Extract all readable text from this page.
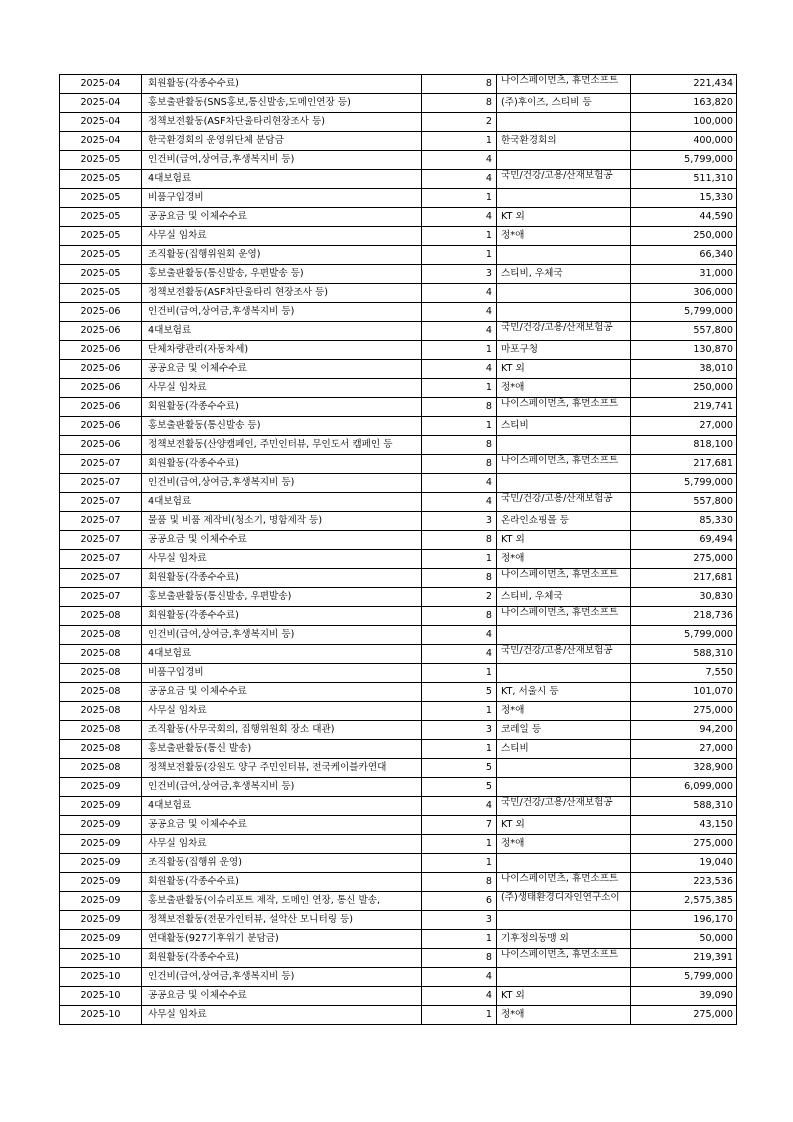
2025-04	회원활동(각종수수료)	8	나이스페이먼츠, 휴먼소프트	221,434
2025-04	홍보출판활동(SNS홍보,통신발송,도메인연장 등)	8	(주)후이즈, 스티비 등	163,820
2025-04	정책보전활동(ASF차단울타리현장조사 등)	2		100,000
2025-04	한국환경회의 운영위단체 분담금	1	한국환경회의	400,000
2025-05	인건비(급여,상여금,후생복지비 등)	4		5,799,000
2025-05	4대보험료	4	국민/건강/고용/산재보험공	511,310
2025-05	비품구입경비	1		15,330
2025-05	공공요금 및 이체수수료	4	KT 외	44,590
2025-05	사무실 임차료	1	정*애	250,000
2025-05	조직활동(집행위원회 운영)	1		66,340
2025-05	홍보출판활동(통신발송, 우편발송 등)	3	스티비, 우체국	31,000
2025-05	정책보전활동(ASF차단울타리 현장조사 등)	4		306,000
2025-06	인건비(급여,상여금,후생복지비 등)	4		5,799,000
2025-06	4대보험료	4	국민/건강/고용/산재보험공	557,800
2025-06	단체차량관리(자동차세)	1	마포구청	130,870
2025-06	공공요금 및 이체수수료	4	KT 외	38,010
2025-06	사무실 임차료	1	정*애	250,000
2025-06	회원활동(각종수수료)	8	나이스페이먼츠, 휴먼소프트	219,741
2025-06	홍보출판활동(통신발송 등)	1	스티비	27,000
2025-06	정책보전활동(산양캠페인, 주민인터뷰, 무인도서 캠페인 등	8		818,100
2025-07	회원활동(각종수수료)	8	나이스페이먼츠, 휴먼소프트	217,681
2025-07	인건비(급여,상여금,후생복지비 등)	4		5,799,000
2025-07	4대보험료	4	국민/건강/고용/산재보험공	557,800
2025-07	물품 및 비품 제작비(청소기, 명함제작 등)	3	온라인쇼핑몰 등	85,330
2025-07	공공요금 및 이체수수료	8	KT 외	69,494
2025-07	사무실 임차료	1	정*애	275,000
2025-07	회원활동(각종수수료)	8	나이스페이먼츠, 휴먼소프트	217,681
2025-07	홍보출판활동(통신발송, 우편발송)	2	스티비, 우체국	30,830
2025-08	회원활동(각종수수료)	8	나이스페이먼츠, 휴먼소프트	218,736
2025-08	인건비(급여,상여금,후생복지비 등)	4		5,799,000
2025-08	4대보험료	4	국민/건강/고용/산재보험공	588,310
2025-08	비품구입경비	1		7,550
2025-08	공공요금 및 이체수수료	5	KT, 서울시 등	101,070
2025-08	사무실 임차료	1	정*애	275,000
2025-08	조직활동(사무국회의, 집행위원회 장소 대관)	3	코레일 등	94,200
2025-08	홍보출판활동(통신 발송)	1	스티비	27,000
2025-08	정책보전활동(강원도 양구 주민인터뷰, 전국케이블카연대	5		328,900
2025-09	인건비(급여,상여금,후생복지비 등)	5		6,099,000
2025-09	4대보험료	4	국민/건강/고용/산재보험공	588,310
2025-09	공공요금 및 이체수수료	7	KT 외	43,150
2025-09	사무실 임차료	1	정*애	275,000
2025-09	조직활동(집행위 운영)	1		19,040
2025-09	회원활동(각종수수료)	8	나이스페이먼츠, 휴먼소프트	223,536
2025-09	홍보출판활동(이슈리포트 제작, 도메인 연장, 통신 발송,	6	(주)생태환경디자인연구소이	2,575,385
2025-09	정책보전활동(전문가인터뷰, 설악산 모니터링 등)	3		196,170
2025-09	연대활동(927기후위기 분담금)	1	기후정의동맹 외	50,000
2025-10	회원활동(각종수수료)	8	나이스페이먼츠, 휴먼소프트	219,391
2025-10	인건비(급여,상여금,후생복지비 등)	4		5,799,000
2025-10	공공요금 및 이체수수료	4	KT 외	39,090
2025-10	사무실 임차료	1	정*애	275,000
